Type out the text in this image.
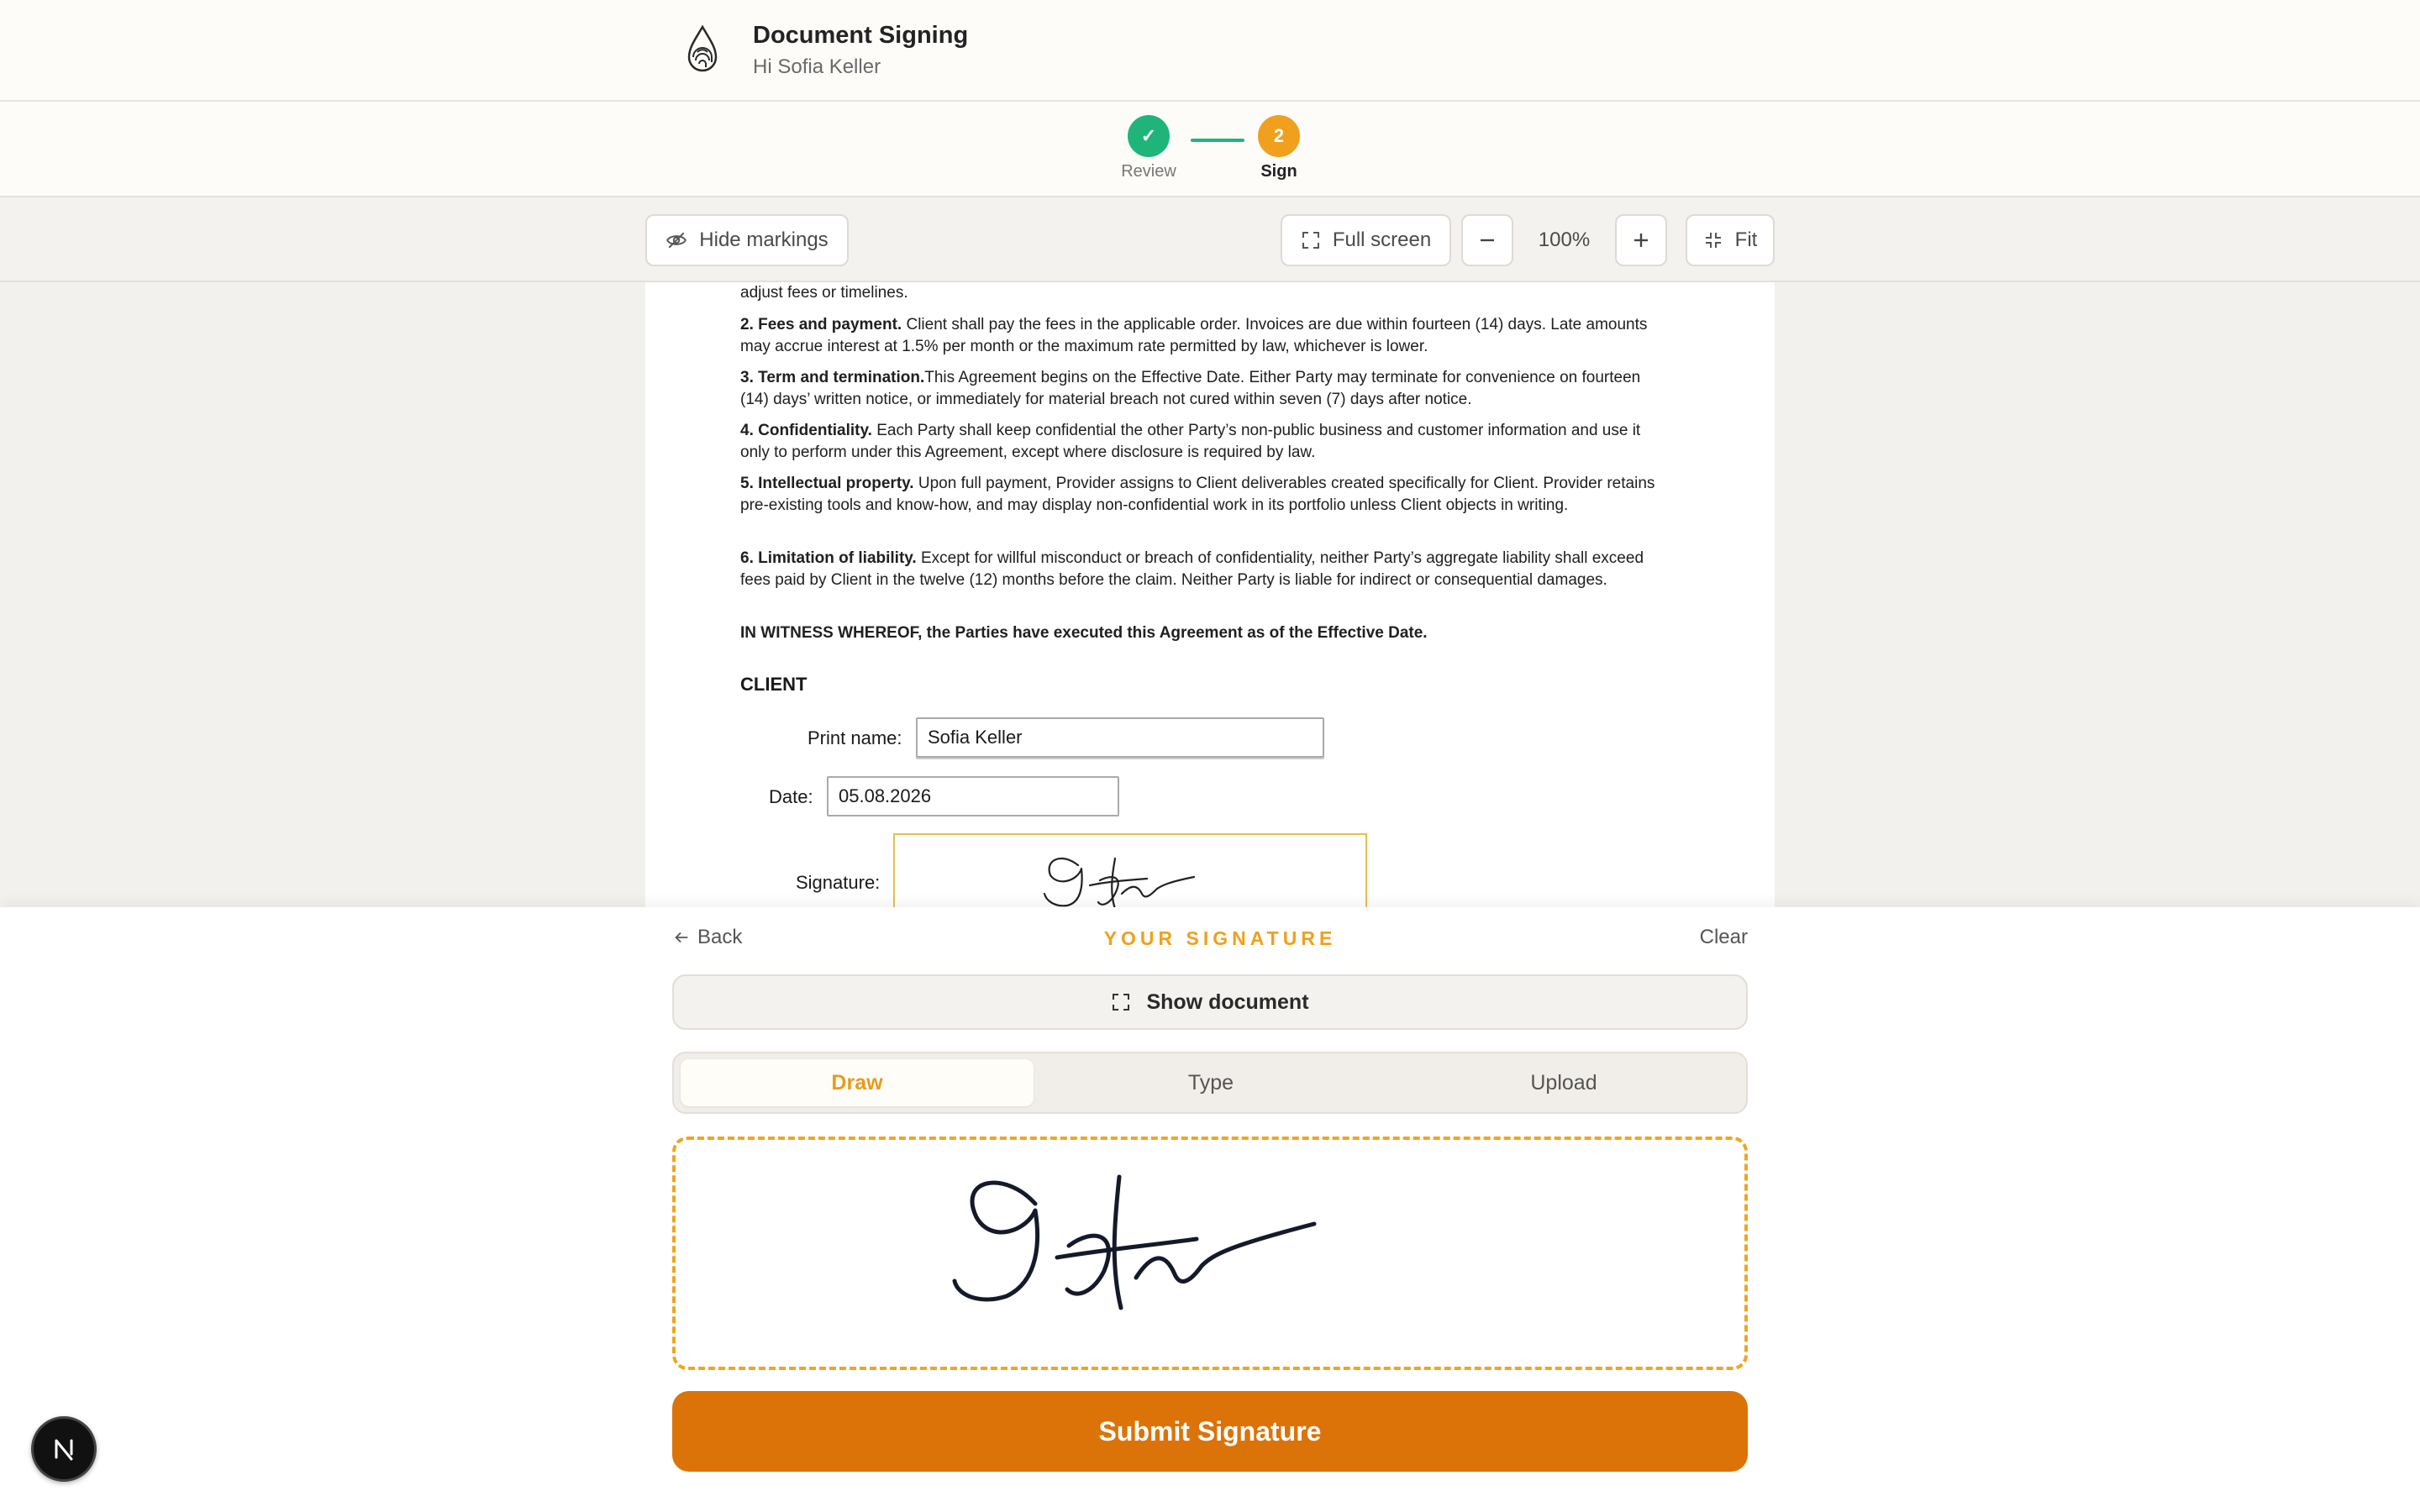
Document Signing
Hi Sofia Keller
✓	2
Review	Sign
Hide markings	Full screen	100%	Fit

adjust fees or timelines.

2. Fees and payment. Client shall pay the fees in the applicable order. Invoices are due within fourteen (14) days. Late amounts may accrue interest at 1.5% per month or the maximum rate permitted by law, whichever is lower.

3. Term and termination.This Agreement begins on the Effective Date. Either Party may terminate for convenience on fourteen (14) days’ written notice, or immediately for material breach not cured within seven (7) days after notice.

4. Confidentiality. Each Party shall keep confidential the other Party’s non-public business and customer information and use it only to perform under this Agreement, except where disclosure is required by law.

5. Intellectual property. Upon full payment, Provider assigns to Client deliverables created specifically for Client. Provider retains pre-existing tools and know-how, and may display non-confidential work in its portfolio unless Client objects in writing.

6. Limitation of liability. Except for willful misconduct or breach of confidentiality, neither Party’s aggregate liability shall exceed fees paid by Client in the twelve (12) months before the claim. Neither Party is liable for indirect or consequential damages.

IN WITNESS WHEREOF, the Parties have executed this Agreement as of the Effective Date.

CLIENT
Print name:	Sofia Keller
Date:	05.08.2026
Signature:
Back	YOUR SIGNATURE	Clear
Show document
Draw	Type	Upload
Submit Signature
